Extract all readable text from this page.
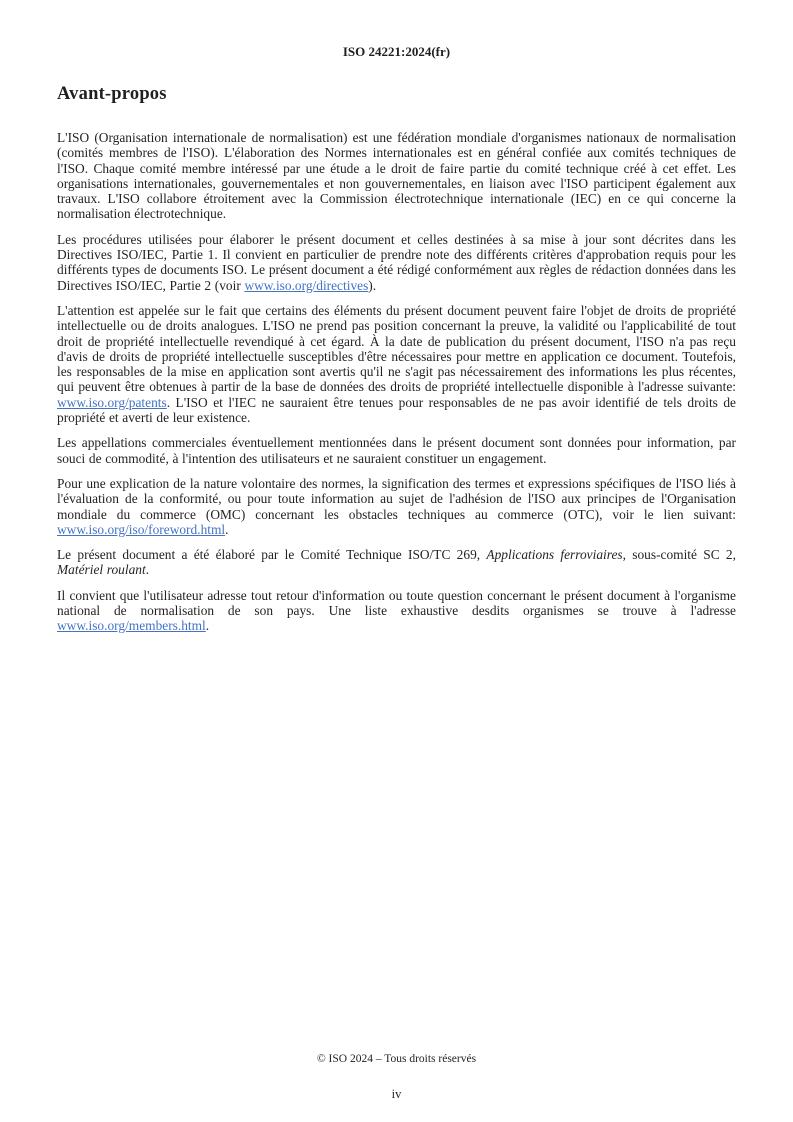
ISO 24221:2024(fr)
Avant-propos

L'ISO (Organisation internationale de normalisation) est une fédération mondiale d'organismes nationaux de normalisation (comités membres de l'ISO). L'élaboration des Normes internationales est en général confiée aux comités techniques de l'ISO. Chaque comité membre intéressé par une étude a le droit de faire partie du comité technique créé à cet effet. Les organisations internationales, gouvernementales et non gouvernementales, en liaison avec l'ISO participent également aux travaux. L'ISO collabore étroitement avec la Commission électrotechnique internationale (IEC) en ce qui concerne la normalisation électrotechnique.

Les procédures utilisées pour élaborer le présent document et celles destinées à sa mise à jour sont décrites dans les Directives ISO/IEC, Partie 1. Il convient en particulier de prendre note des différents critères d'approbation requis pour les différents types de documents ISO. Le présent document a été rédigé conformément aux règles de rédaction données dans les Directives ISO/IEC, Partie 2 (voir www.iso.org/directives).

L'attention est appelée sur le fait que certains des éléments du présent document peuvent faire l'objet de droits de propriété intellectuelle ou de droits analogues. L'ISO ne prend pas position concernant la preuve, la validité ou l'applicabilité de tout droit de propriété intellectuelle revendiqué à cet égard. À la date de publication du présent document, l'ISO n'a pas reçu d'avis de droits de propriété intellectuelle susceptibles d'être nécessaires pour mettre en application ce document. Toutefois, les responsables de la mise en application sont avertis qu'il ne s'agit pas nécessairement des informations les plus récentes, qui peuvent être obtenues à partir de la base de données des droits de propriété intellectuelle disponible à l'adresse suivante: www.iso.org/patents. L'ISO et l'IEC ne sauraient être tenues pour responsables de ne pas avoir identifié de tels droits de propriété et averti de leur existence.

Les appellations commerciales éventuellement mentionnées dans le présent document sont données pour information, par souci de commodité, à l'intention des utilisateurs et ne sauraient constituer un engagement.

Pour une explication de la nature volontaire des normes, la signification des termes et expressions spécifiques de l'ISO liés à l'évaluation de la conformité, ou pour toute information au sujet de l'adhésion de l'ISO aux principes de l'Organisation mondiale du commerce (OMC) concernant les obstacles techniques au commerce (OTC), voir le lien suivant: www.iso.org/iso/foreword.html.

Le présent document a été élaboré par le Comité Technique ISO/TC 269, Applications ferroviaires, sous-comité SC 2, Matériel roulant.

Il convient que l'utilisateur adresse tout retour d'information ou toute question concernant le présent document à l'organisme national de normalisation de son pays. Une liste exhaustive desdits organismes se trouve à l'adresse www.iso.org/members.html.

© ISO 2024 – Tous droits réservés
iv
